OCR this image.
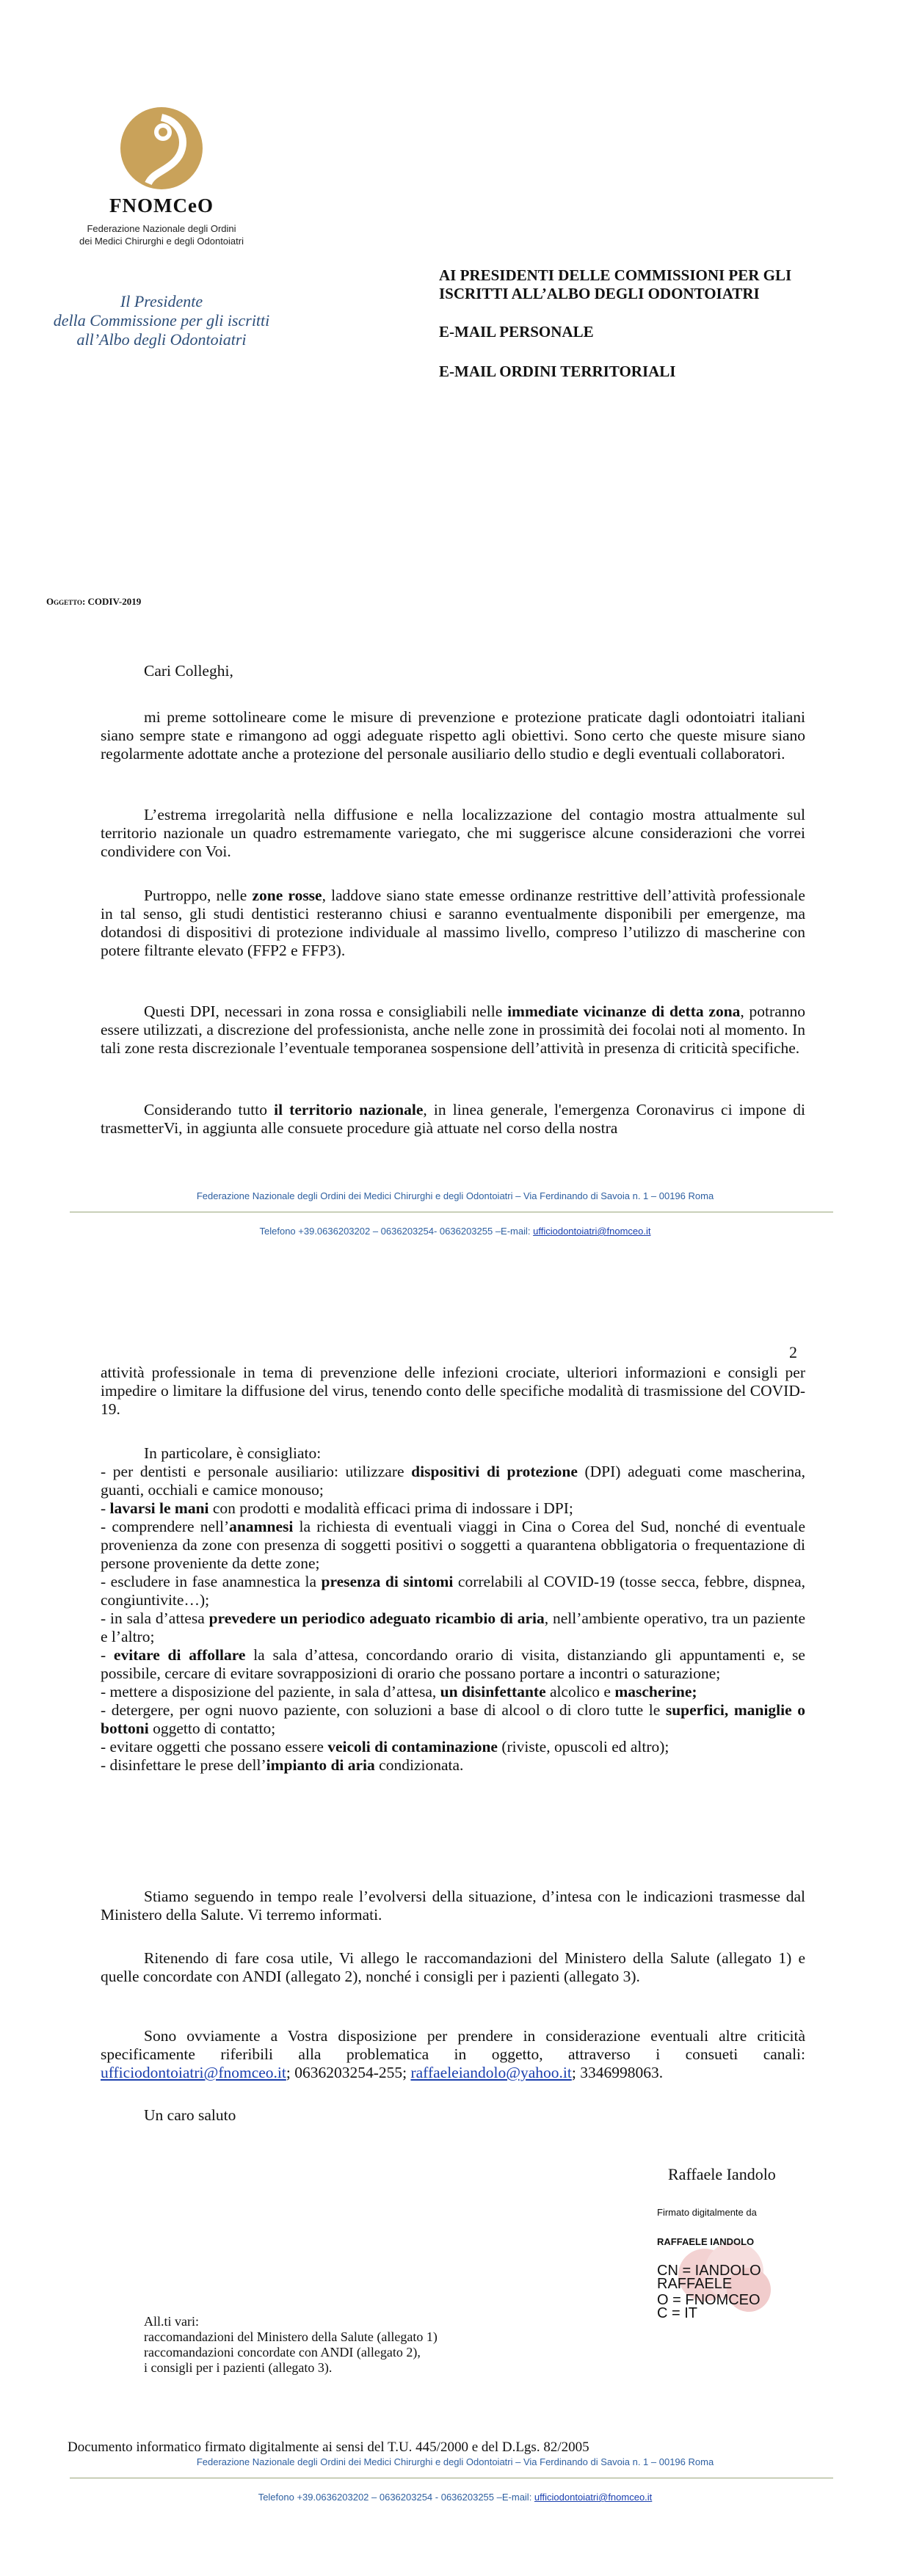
FNOMCeO
Federazione Nazionale degli Ordini
dei Medici Chirurghi e degli Odontoiatri
Il Presidente
della Commissione per gli iscritti
all’Albo degli Odontoiatri
AI PRESIDENTI DELLE COMMISSIONI PER GLI
ISCRITTI ALL’ALBO DEGLI ODONTOIATRI
E-MAIL PERSONALE
E-MAIL ORDINI TERRITORIALI
Oggetto: CODIV-2019

Cari Colleghi,

mi preme sottolineare come le misure di prevenzione e protezione praticate dagli odontoiatri italiani siano sempre state e rimangono ad oggi adeguate rispetto agli obiettivi. Sono certo che queste misure siano regolarmente adottate anche a protezione del personale ausiliario dello studio e degli eventuali collaboratori.

L’estrema irregolarità nella diffusione e nella localizzazione del contagio mostra attualmente sul territorio nazionale un quadro estremamente variegato, che mi suggerisce alcune considerazioni che vorrei condividere con Voi.

Purtroppo, nelle zone rosse, laddove siano state emesse ordinanze restrittive dell’attività professionale in tal senso, gli studi dentistici resteranno chiusi e saranno eventualmente disponibili per emergenze, ma dotandosi di dispositivi di protezione individuale al massimo livello, compreso l’utilizzo di mascherine con potere filtrante elevato (FFP2 e FFP3).

Questi DPI, necessari in zona rossa e consigliabili nelle immediate vicinanze di detta zona, potranno essere utilizzati, a discrezione del professionista, anche nelle zone in prossimità dei focolai noti al momento. In tali zone resta discrezionale l’eventuale temporanea sospensione dell’attività in presenza di criticità specifiche.

Considerando tutto il territorio nazionale, in linea generale, l'emergenza Coronavirus ci impone di trasmetterVi, in aggiunta alle consuete procedure già attuate nel corso della nostra

Federazione Nazionale degli Ordini dei Medici Chirurghi e degli Odontoiatri – Via Ferdinando di Savoia n. 1 – 00196 Roma
Telefono +39.0636203202 – 0636203254- 0636203255 –E-mail: ufficiodontoiatri@fnomceo.it
2

attività professionale in tema di prevenzione delle infezioni crociate, ulteriori informazioni e consigli per impedire o limitare la diffusione del virus, tenendo conto delle specifiche modalità di trasmissione del COVID-19.

In particolare, è consigliato:

- per dentisti e personale ausiliario: utilizzare dispositivi di protezione (DPI) adeguati come mascherina, guanti, occhiali e camice monouso;

- lavarsi le mani con prodotti e modalità efficaci prima di indossare i DPI;

- comprendere nell’anamnesi la richiesta di eventuali viaggi in Cina o Corea del Sud, nonché di eventuale provenienza da zone con presenza di soggetti positivi o soggetti a quarantena obbligatoria o frequentazione di persone proveniente da dette zone;

- escludere in fase anamnestica la presenza di sintomi correlabili al COVID-19 (tosse secca, febbre, dispnea, congiuntivite…);

- in sala d’attesa prevedere un periodico adeguato ricambio di aria, nell’ambiente operativo, tra un paziente e l’altro;

- evitare di affollare la sala d’attesa, concordando orario di visita, distanziando gli appuntamenti e, se possibile, cercare di evitare sovrapposizioni di orario che possano portare a incontri o saturazione;

- mettere a disposizione del paziente, in sala d’attesa, un disinfettante alcolico e mascherine;

- detergere, per ogni nuovo paziente, con soluzioni a base di alcool o di cloro tutte le superfici, maniglie o bottoni oggetto di contatto;

- evitare oggetti che possano essere veicoli di contaminazione (riviste, opuscoli ed altro);

- disinfettare le prese dell’impianto di aria condizionata.

Stiamo seguendo in tempo reale l’evolversi della situazione, d’intesa con le indicazioni trasmesse dal Ministero della Salute. Vi terremo informati.

Ritenendo di fare cosa utile, Vi allego le raccomandazioni del Ministero della Salute (allegato 1) e quelle concordate con ANDI (allegato 2), nonché i consigli per i pazienti (allegato 3).

Sono ovviamente a Vostra disposizione per prendere in considerazione eventuali altre criticità specificamente riferibili alla problematica in oggetto, attraverso i consueti canali: ufficiodontoiatri@fnomceo.it; 0636203254-255; raffaeleiandolo@yahoo.it; 3346998063.

Un caro saluto

Raffaele Iandolo
Firmato digitalmente da
RAFFAELE IANDOLO
CN = IANDOLO RAFFAELE
O = FNOMCEO
C = IT
All.ti vari:
raccomandazioni del Ministero della Salute (allegato 1)
raccomandazioni concordate con ANDI (allegato 2),
i consigli per i pazienti (allegato 3).
Documento informatico firmato digitalmente ai sensi del T.U. 445/2000 e del D.Lgs. 82/2005
Federazione Nazionale degli Ordini dei Medici Chirurghi e degli Odontoiatri – Via Ferdinando di Savoia n. 1 – 00196 Roma
Telefono +39.0636203202 – 0636203254 - 0636203255 –E-mail: ufficiodontoiatri@fnomceo.it
